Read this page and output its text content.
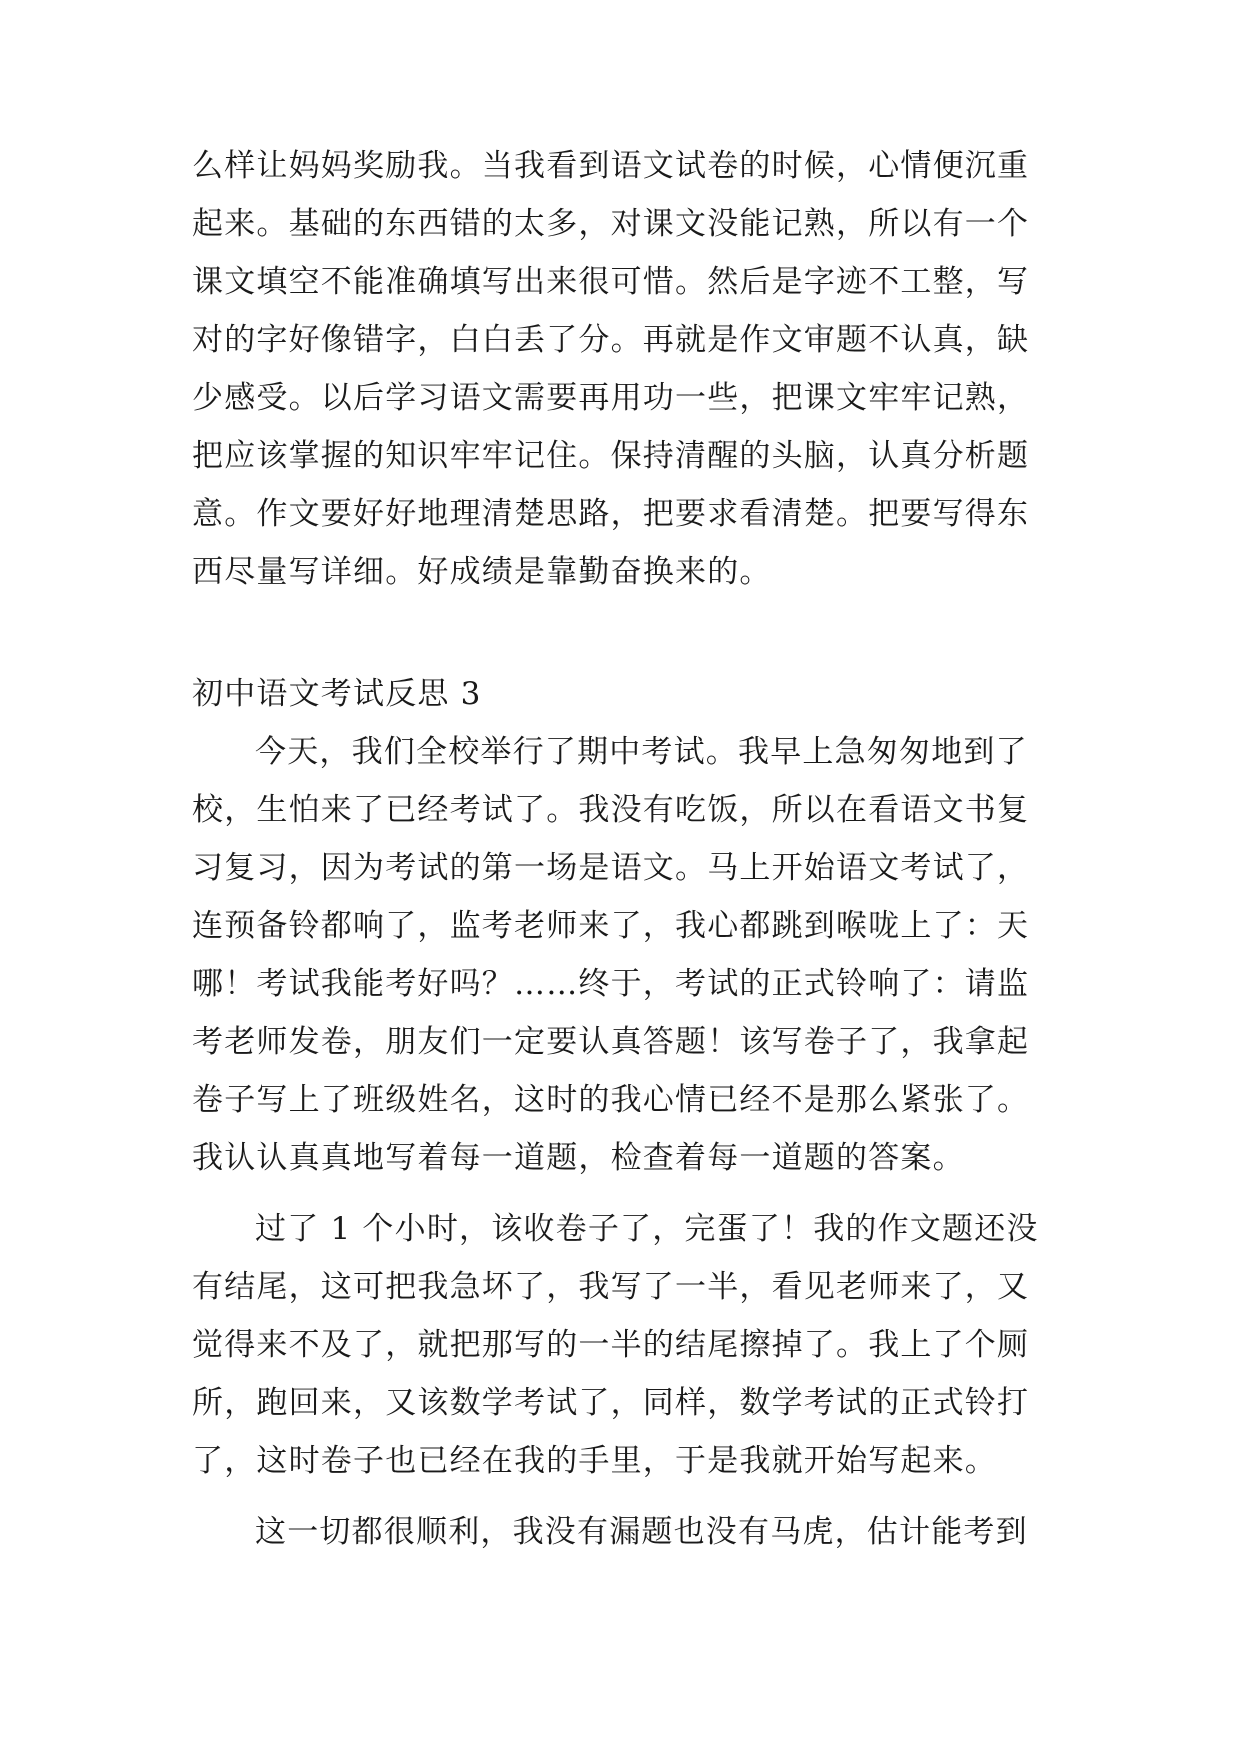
么样让妈妈奖励我。当我看到语文试卷的时候，心情便沉重
起来。基础的东西错的太多，对课文没能记熟，所以有一个
课文填空不能准确填写出来很可惜。然后是字迹不工整，写
对的字好像错字，白白丢了分。再就是作文审题不认真，缺
少感受。以后学习语文需要再用功一些，把课文牢牢记熟，
把应该掌握的知识牢牢记住。保持清醒的头脑，认真分析题
意。作文要好好地理清楚思路，把要求看清楚。把要写得东
西尽量写详细。好成绩是靠勤奋换来的。
初中语文考试反思 3
今天，我们全校举行了期中考试。我早上急匆匆地到了
校，生怕来了已经考试了。我没有吃饭，所以在看语文书复
习复习，因为考试的第一场是语文。马上开始语文考试了，
连预备铃都响了，监考老师来了，我心都跳到喉咙上了：天
哪！考试我能考好吗？……终于，考试的正式铃响了：请监
考老师发卷，朋友们一定要认真答题！该写卷子了，我拿起
卷子写上了班级姓名，这时的我心情已经不是那么紧张了。
我认认真真地写着每一道题，检查着每一道题的答案。
过了 1 个小时，该收卷子了，完蛋了！我的作文题还没
有结尾，这可把我急坏了，我写了一半，看见老师来了，又
觉得来不及了，就把那写的一半的结尾擦掉了。我上了个厕
所，跑回来，又该数学考试了，同样，数学考试的正式铃打
了，这时卷子也已经在我的手里，于是我就开始写起来。
这一切都很顺利，我没有漏题也没有马虎，估计能考到
